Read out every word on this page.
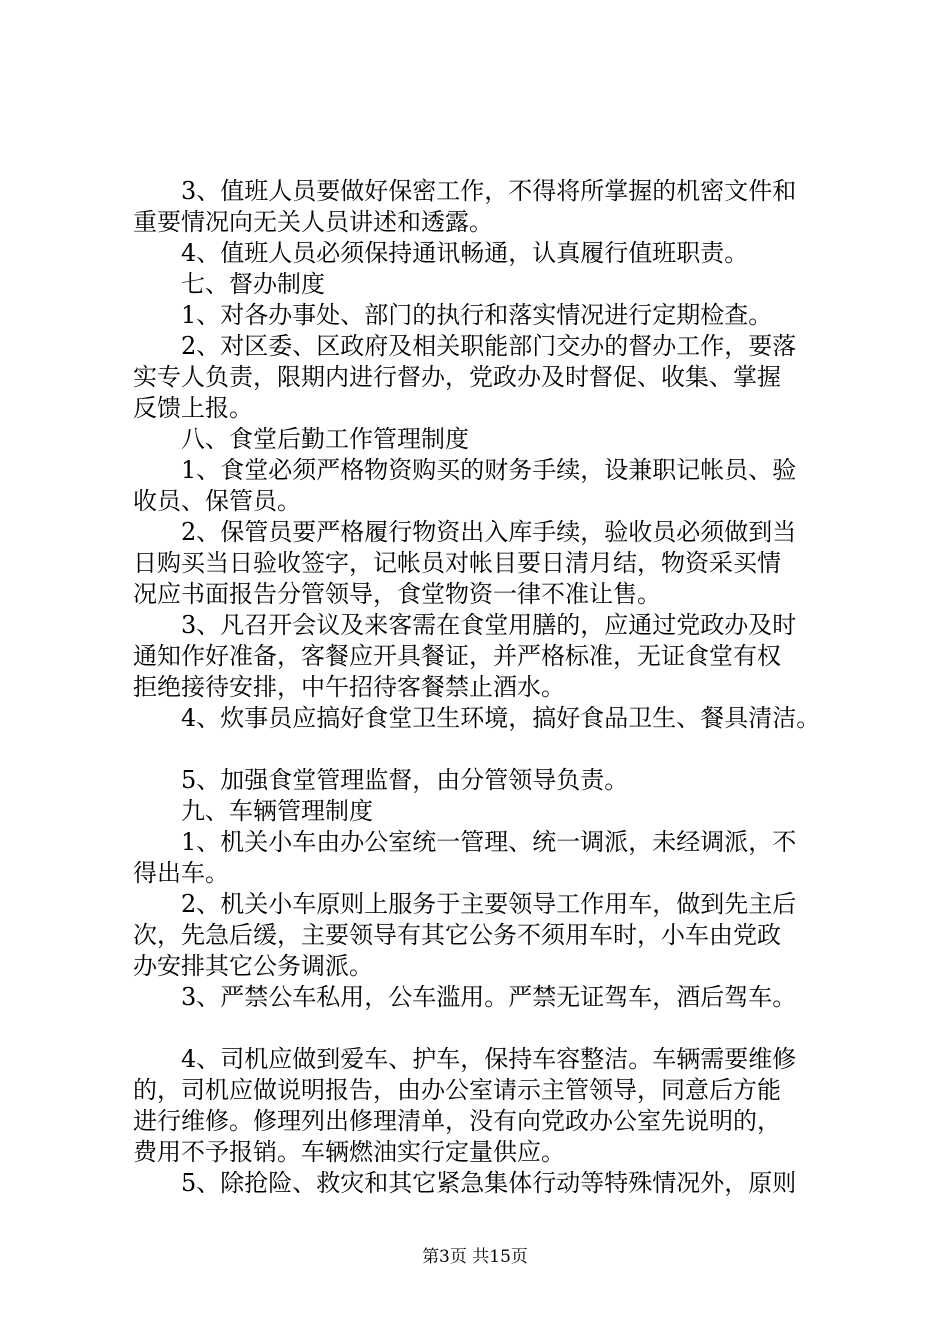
3、值班人员要做好保密工作，不得将所掌握的机密文件和
重要情况向无关人员讲述和透露。
4、值班人员必须保持通讯畅通，认真履行值班职责。
七、督办制度
1、对各办事处、部门的执行和落实情况进行定期检查。
2、对区委、区政府及相关职能部门交办的督办工作，要落
实专人负责，限期内进行督办，党政办及时督促、收集、掌握
反馈上报。
八、食堂后勤工作管理制度
1、食堂必须严格物资购买的财务手续，设兼职记帐员、验
收员、保管员。
2、保管员要严格履行物资出入库手续，验收员必须做到当
日购买当日验收签字，记帐员对帐目要日清月结，物资采买情
况应书面报告分管领导，食堂物资一律不准让售。
3、凡召开会议及来客需在食堂用膳的，应通过党政办及时
通知作好准备，客餐应开具餐证，并严格标准，无证食堂有权
拒绝接待安排，中午招待客餐禁止酒水。
4、炊事员应搞好食堂卫生环境，搞好食品卫生、餐具清洁。
5、加强食堂管理监督，由分管领导负责。
九、车辆管理制度
1、机关小车由办公室统一管理、统一调派，未经调派，不
得出车。
2、机关小车原则上服务于主要领导工作用车，做到先主后
次，先急后缓，主要领导有其它公务不须用车时，小车由党政
办安排其它公务调派。
3、严禁公车私用，公车滥用。严禁无证驾车，酒后驾车。
4、司机应做到爱车、护车，保持车容整洁。车辆需要维修
的，司机应做说明报告，由办公室请示主管领导，同意后方能
进行维修。修理列出修理清单，没有向党政办公室先说明的，
费用不予报销。车辆燃油实行定量供应。
5、除抢险、救灾和其它紧急集体行动等特殊情况外，原则
第3页 共15页
